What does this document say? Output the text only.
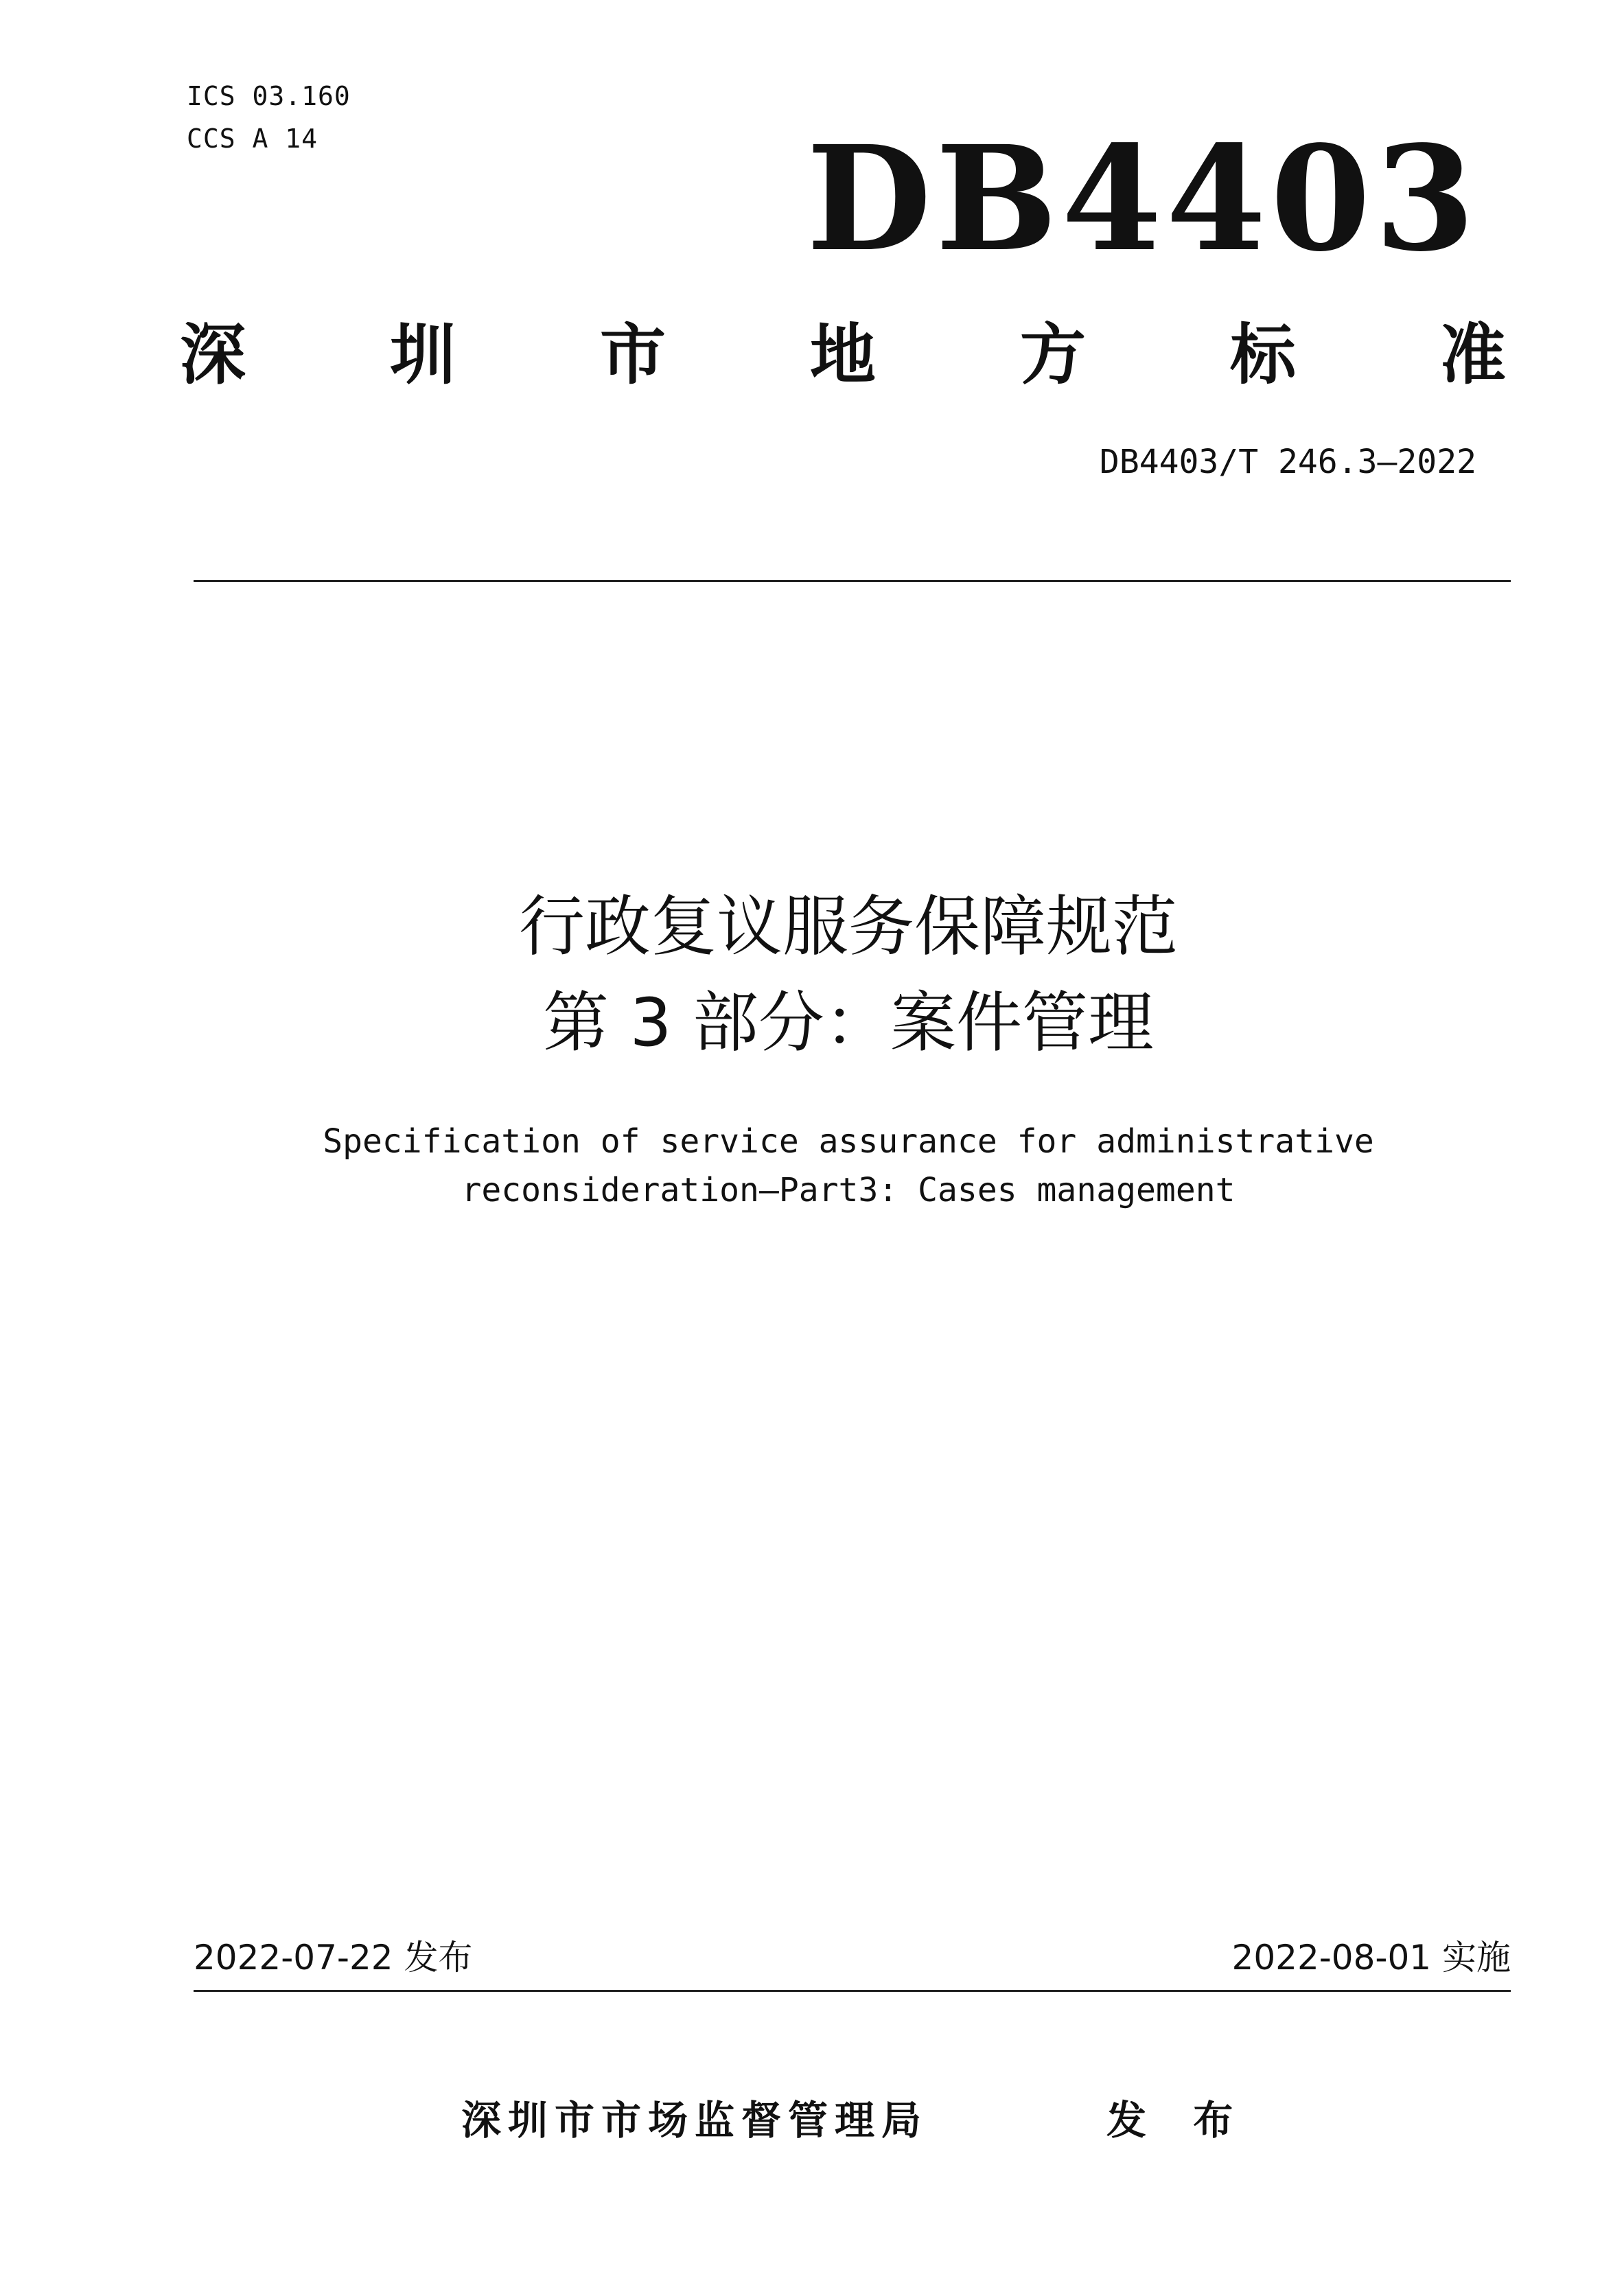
ICS 03.160
CCS A 14	DB4403
深 圳 市 地 方 标 准
DB4403/T 246.3—2022
行政复议服务保障规范
第 3 部分：案件管理
Specification of service assurance for administrative
reconsideration—Part3: Cases management
2022-07-22 发布	2022-08-01 实施
深圳市市场监督管理局	发 布
